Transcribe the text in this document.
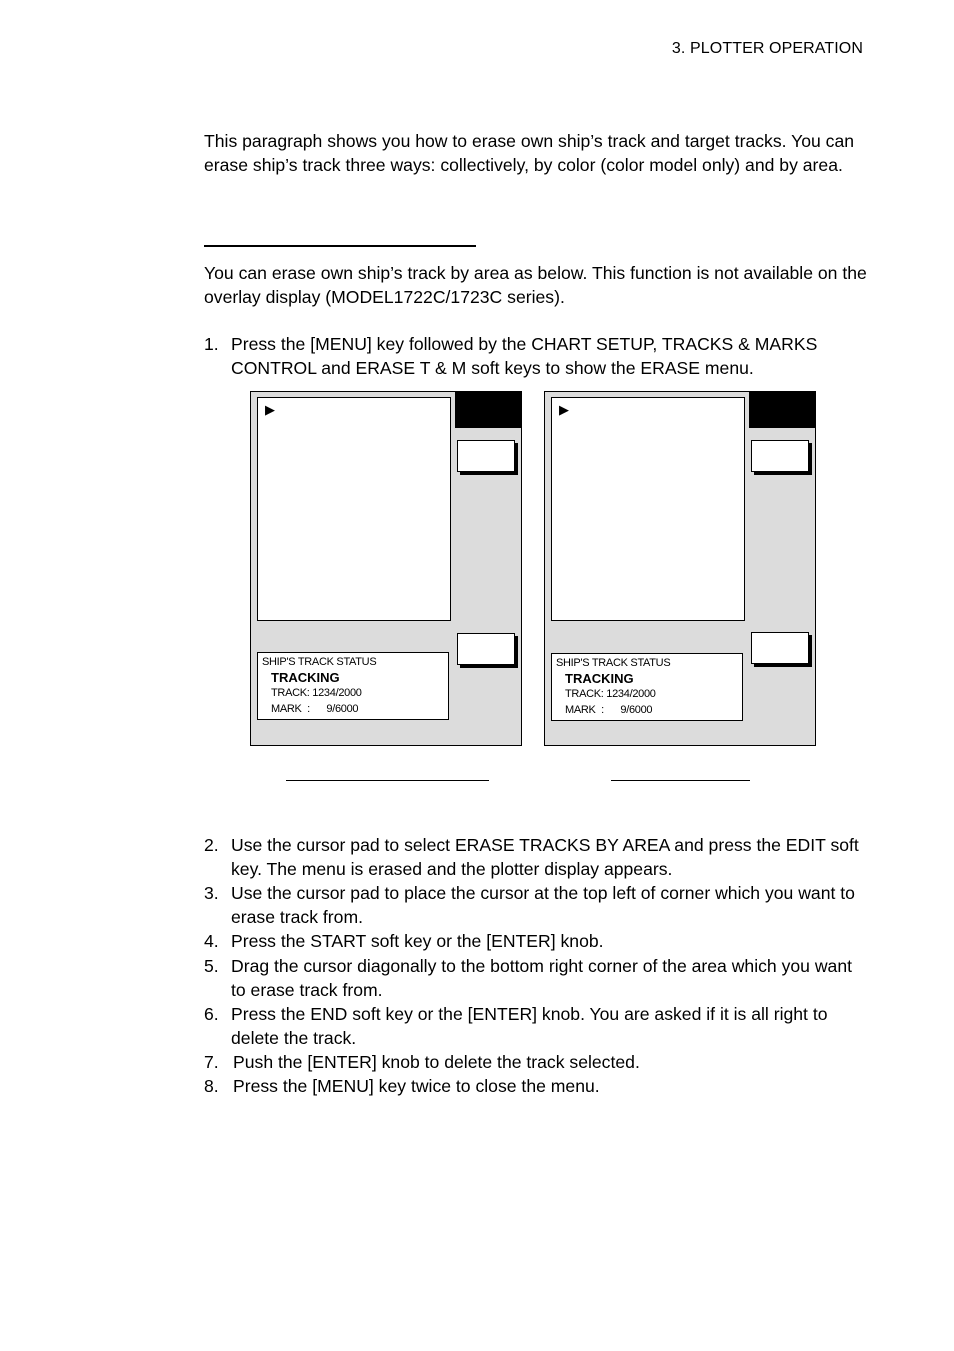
3. PLOTTER OPERATION

This paragraph shows you how to erase own ship’s track and target tracks. You can erase ship’s track three ways: collectively, by color (color model only) and by area.

You can erase own ship’s track by area as below. This function is not available on the overlay display (MODEL1722C/1723C series).

1. Press the [MENU] key followed by the CHART SETUP, TRACKS & MARKS CONTROL and ERASE T & M soft keys to show the ERASE menu.
▶
SHIP'S TRACK STATUS
TRACKING
TRACK: 1234/2000
MARK  :      9/6000
▶
SHIP'S TRACK STATUS
TRACKING
TRACK: 1234/2000
MARK  :      9/6000
2. Use the cursor pad to select ERASE TRACKS BY AREA and press the EDIT soft key. The menu is erased and the plotter display appears.
3. Use the cursor pad to place the cursor at the top left of corner which you want to erase track from.
4. Press the START soft key or the [ENTER] knob.
5. Drag the cursor diagonally to the bottom right corner of the area which you want to erase track from.
6. Press the END soft key or the [ENTER] knob. You are asked if it is all right to delete the track.
7. Push the [ENTER] knob to delete the track selected.
8. Press the [MENU] key twice to close the menu.
